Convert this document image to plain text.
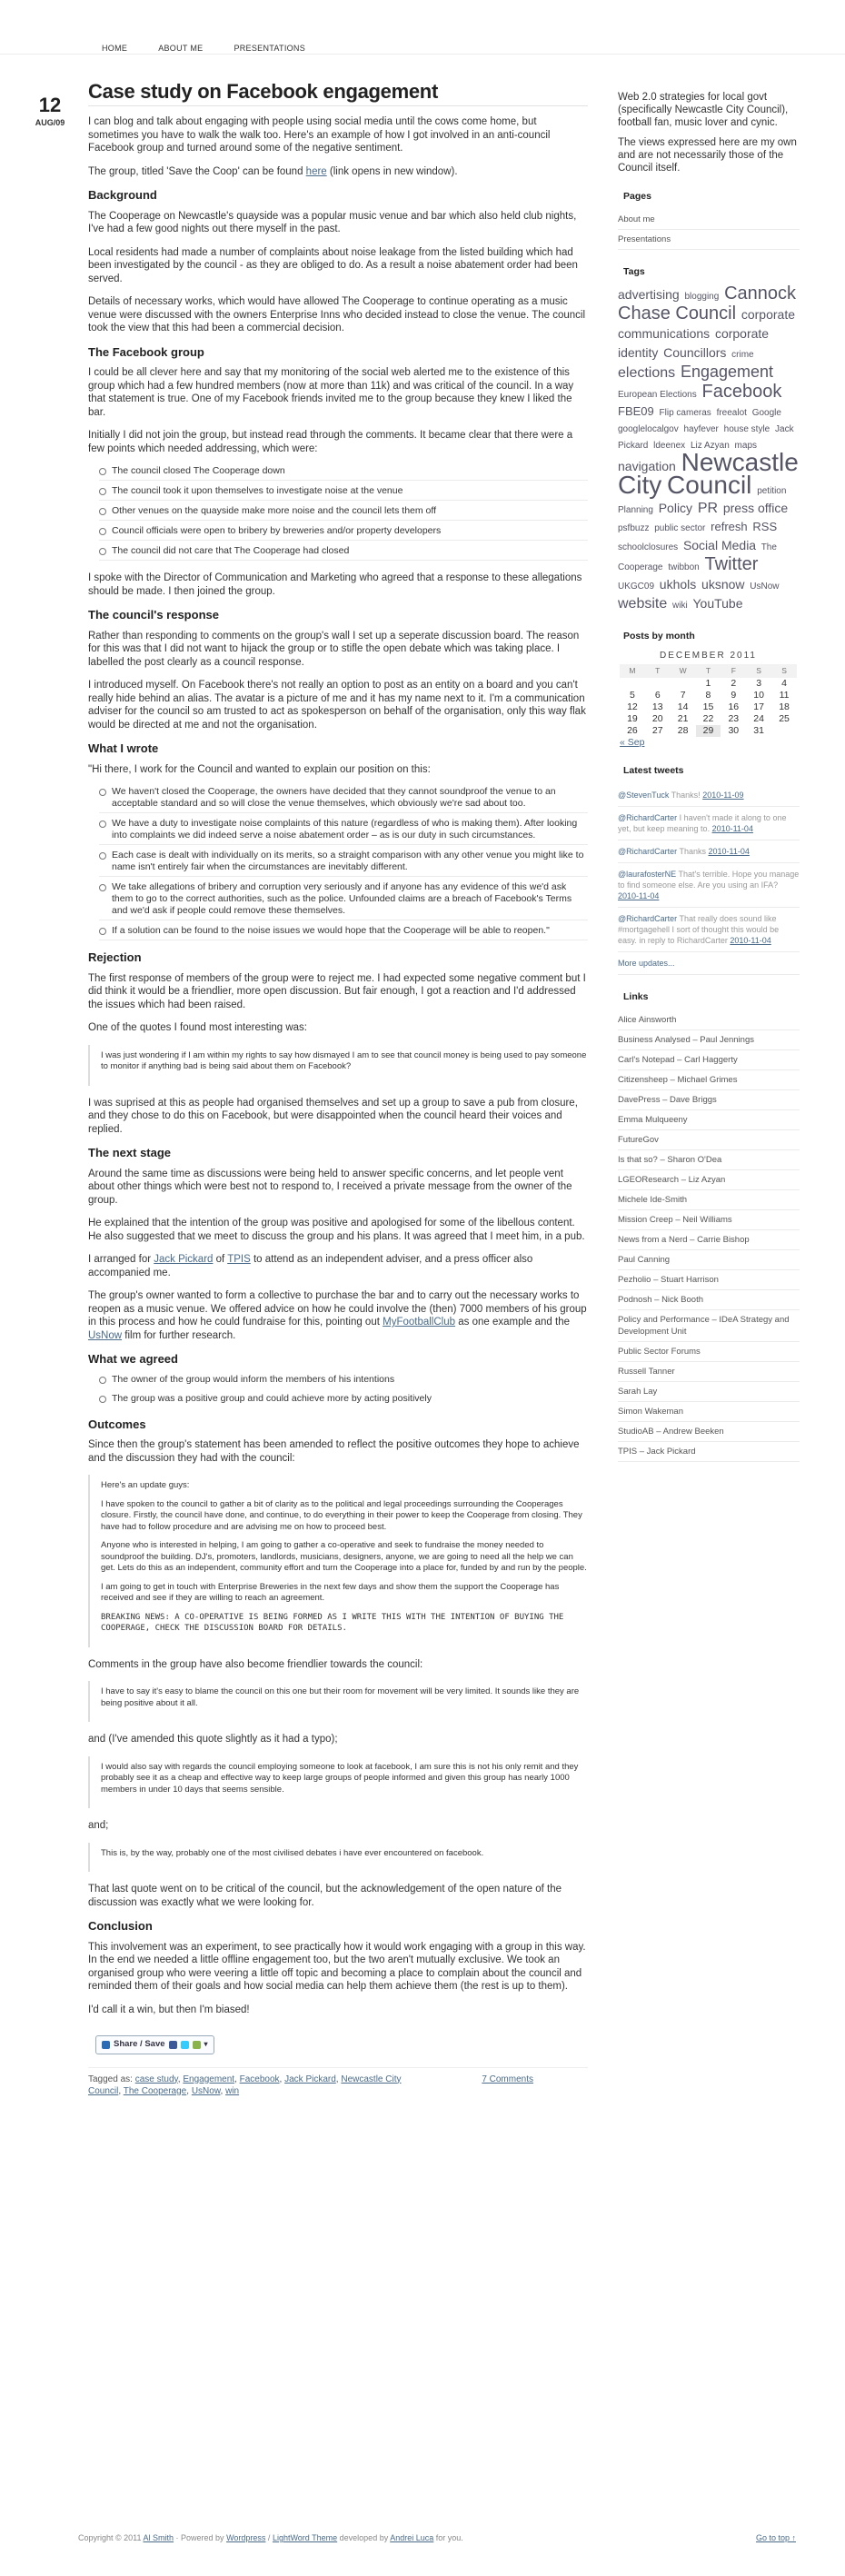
HOME	ABOUT ME	PRESENTATIONS
12
AUG/09
Case study on Facebook engagement

I can blog and talk about engaging with people using social media until the cows come home, but sometimes you have to walk the walk too. Here's an example of how I got involved in an anti-council Facebook group and turned around some of the negative sentiment.

The group, titled 'Save the Coop' can be found here (link opens in new window).

Background

The Cooperage on Newcastle's quayside was a popular music venue and bar which also held club nights, I've had a few good nights out there myself in the past.

Local residents had made a number of complaints about noise leakage from the listed building which had been investigated by the council - as they are obliged to do. As a result a noise abatement order had been served.

Details of necessary works, which would have allowed The Cooperage to continue operating as a music venue were discussed with the owners Enterprise Inns who decided instead to close the venue. The council took the view that this had been a commercial decision.

The Facebook group

I could be all clever here and say that my monitoring of the social web alerted me to the existence of this group which had a few hundred members (now at more than 11k) and was critical of the council. In a way that statement is true. One of my Facebook friends invited me to the group because they knew I liked the bar.

Initially I did not join the group, but instead read through the comments. It became clear that there were a few points which needed addressing, which were:

The council closed The Cooperage down
The council took it upon themselves to investigate noise at the venue
Other venues on the quayside make more noise and the council lets them off
Council officials were open to bribery by breweries and/or property developers
The council did not care that The Cooperage had closed

I spoke with the Director of Communication and Marketing who agreed that a response to these allegations should be made. I then joined the group.

The council's response

Rather than responding to comments on the group's wall I set up a seperate discussion board. The reason for this was that I did not want to hijack the group or to stifle the open debate which was taking place. I labelled the post clearly as a council response.

I introduced myself. On Facebook there's not really an option to post as an entity on a board and you can't really hide behind an alias. The avatar is a picture of me and it has my name next to it. I'm a communication adviser for the council so am trusted to act as spokesperson on behalf of the organisation, only this way flak would be directed at me and not the organisation.

What I wrote

"Hi there, I work for the Council and wanted to explain our position on this:

We haven't closed the Cooperage, the owners have decided that they cannot soundproof the venue to an acceptable standard and so will close the venue themselves, which obviously we're sad about too.
We have a duty to investigate noise complaints of this nature (regardless of who is making them). After looking into complaints we did indeed serve a noise abatement order – as is our duty in such circumstances.
Each case is dealt with individually on its merits, so a straight comparison with any other venue you might like to name isn't entirely fair when the circumstances are inevitably different.
We take allegations of bribery and corruption very seriously and if anyone has any evidence of this we'd ask them to go to the correct authorities, such as the police. Unfounded claims are a breach of Facebook's Terms and we'd ask if people could remove these themselves.
If a solution can be found to the noise issues we would hope that the Cooperage will be able to reopen."
Rejection

The first response of members of the group were to reject me. I had expected some negative comment but I did think it would be a friendlier, more open discussion. But fair enough, I got a reaction and I'd addressed the issues which had been raised.

One of the quotes I found most interesting was:

I was just wondering if I am within my rights to say how dismayed I am to see that council money is being used to pay someone to monitor if anything bad is being said about them on Facebook?

I was suprised at this as people had organised themselves and set up a group to save a pub from closure, and they chose to do this on Facebook, but were disappointed when the council heard their voices and replied.

The next stage

Around the same time as discussions were being held to answer specific concerns, and let people vent about other things which were best not to respond to, I received a private message from the owner of the group.

He explained that the intention of the group was positive and apologised for some of the libellous content. He also suggested that we meet to discuss the group and his plans. It was agreed that I meet him, in a pub.

I arranged for Jack Pickard of TPIS to attend as an independent adviser, and a press officer also accompanied me.

The group's owner wanted to form a collective to purchase the bar and to carry out the necessary works to reopen as a music venue. We offered advice on how he could involve the (then) 7000 members of his group in this process and how he could fundraise for this, pointing out MyFootballClub as one example and the UsNow film for further research.

What we agreed
The owner of the group would inform the members of his intentions
The group was a positive group and could achieve more by acting positively
Outcomes

Since then the group's statement has been amended to reflect the positive outcomes they hope to achieve and the discussion they had with the council:

Here's an update guys:

I have spoken to the council to gather a bit of clarity as to the political and legal proceedings surrounding the Cooperages closure. Firstly, the council have done, and continue, to do everything in their power to keep the Cooperage from closing. They have had to follow procedure and are advising me on how to proceed best.

Anyone who is interested in helping, I am going to gather a co-operative and seek to fundraise the money needed to soundproof the building. DJ's, promoters, landlords, musicians, designers, anyone, we are going to need all the help we can get. Lets do this as an independent, community effort and turn the Cooperage into a place for, funded by and run by the people.

I am going to get in touch with Enterprise Breweries in the next few days and show them the support the Cooperage has received and see if they are willing to reach an agreement.

BREAKING NEWS: A CO-OPERATIVE IS BEING FORMED AS I WRITE THIS WITH THE INTENTION OF BUYING THE COOPERAGE, CHECK THE DISCUSSION BOARD FOR DETAILS.

Comments in the group have also become friendlier towards the council:

I have to say it's easy to blame the council on this one but their room for movement will be very limited. It sounds like they are being positive about it all.

and (I've amended this quote slightly as it had a typo);

I would also say with regards the council employing someone to look at facebook, I am sure this is not his only remit and they probably see it as a cheap and effective way to keep large groups of people informed and given this group has nearly 1000 members in under 10 days that seems sensible.

and;

This is, by the way, probably one of the most civilised debates i have ever encountered on facebook.

That last quote went on to be critical of the council, but the acknowledgement of the open nature of the discussion was exactly what we were looking for.

Conclusion

This involvement was an experiment, to see practically how it would work engaging with a group in this way. In the end we needed a little offline engagement too, but the two aren't mutually exclusive. We took an organised group who were veering a little off topic and becoming a place to complain about the council and reminded them of their goals and how social media can help them achieve them (the rest is up to them).

I'd call it a win, but then I'm biased!

Share / Save	▾
Tagged as: case study, Engagement, Facebook, Jack Pickard, Newcastle City Council, The Cooperage, UsNow, win
7 Comments

Web 2.0 strategies for local govt (specifically Newcastle City Council), football fan, music lover and cynic.

The views expressed here are my own and are not necessarily those of the Council itself.

Pages
About me
Presentations
Tags
advertising blogging Cannock Chase Council corporate communications corporate identity Councillors crime elections Engagement European Elections Facebook FBE09 Flip cameras freealot Google googlelocalgov hayfever house style Jack Pickard ldeenex Liz Azyan maps navigation Newcastle City Council petition Planning Policy PR press office psfbuzz public sector refresh RSS schoolclosures Social Media The Cooperage twibbon Twitter UKGC09 ukhols uksnow UsNow website wiki YouTube
Posts by month
DECEMBER 2011
M	T	W	T	F	S	S
			1	2	3	4
5	6	7	8	9	10	11
12	13	14	15	16	17	18
19	20	21	22	23	24	25
26	27	28	29	30	31	
« Sep
Latest tweets
@StevenTuck Thanks! 2010-11-09
@RichardCarter I haven't made it along to one yet, but keep meaning to. 2010-11-04
@RichardCarter Thanks 2010-11-04
@laurafosterNE That's terrible. Hope you manage to find someone else. Are you using an IFA? 2010-11-04
@RichardCarter That really does sound like #mortgagehell I sort of thought this would be easy. in reply to RichardCarter 2010-11-04
More updates...
Links
Alice Ainsworth
Business Analysed – Paul Jennings
Carl's Notepad – Carl Haggerty
Citizensheep – Michael Grimes
DavePress – Dave Briggs
Emma Mulqueeny
FutureGov
Is that so? – Sharon O'Dea
LGEOResearch – Liz Azyan
Michele Ide-Smith
Mission Creep – Neil Williams
News from a Nerd – Carrie Bishop
Paul Canning
Pezholio – Stuart Harrison
Podnosh – Nick Booth
Policy and Performance – IDeA Strategy and Development Unit
Public Sector Forums
Russell Tanner
Sarah Lay
Simon Wakeman
StudioAB – Andrew Beeken
TPIS – Jack Pickard
Copyright © 2011 Al Smith · Powered by Wordpress / LightWord Theme developed by Andrei Luca for you.	Go to top ↑
